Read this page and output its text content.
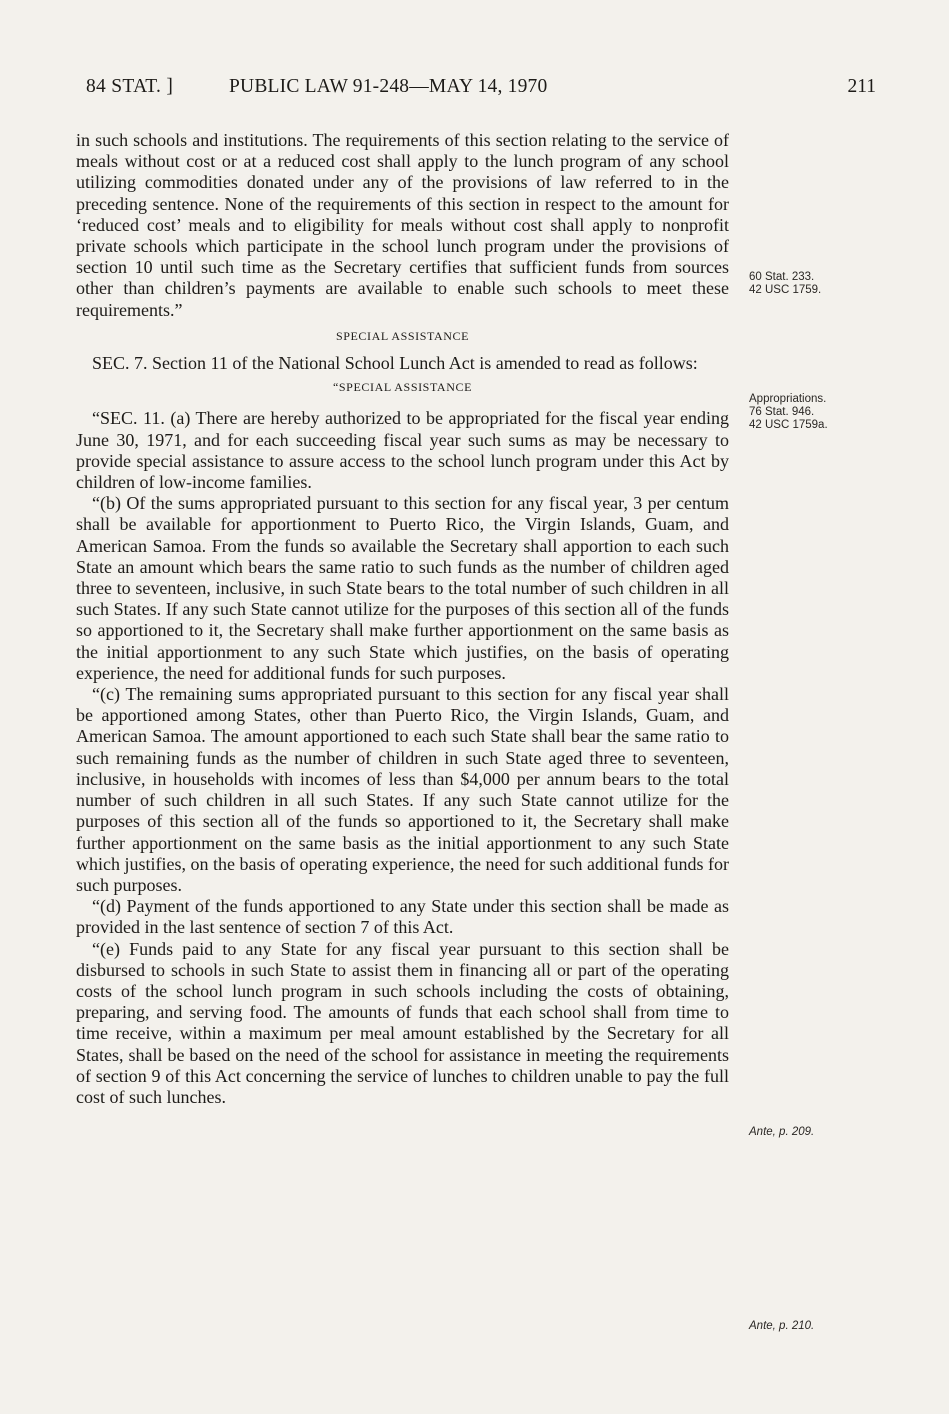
84 STAT. ]	PUBLIC LAW 91-248—MAY 14, 1970	211

in such schools and institutions. The requirements of this section relating to the service of meals without cost or at a reduced cost shall apply to the lunch program of any school utilizing commodities donated under any of the provisions of law referred to in the preceding sentence. None of the requirements of this section in respect to the amount for ‘reduced cost’ meals and to eligibility for meals without cost shall apply to nonprofit private schools which participate in the school lunch program under the provisions of section 10 until such time as the Secretary certifies that sufficient funds from sources other than children’s payments are available to enable such schools to meet these requirements.”

SPECIAL ASSISTANCE

SEC. 7. Section 11 of the National School Lunch Act is amended to read as follows:

“SPECIAL ASSISTANCE

“SEC. 11. (a) There are hereby authorized to be appropriated for the fiscal year ending June 30, 1971, and for each succeeding fiscal year such sums as may be necessary to provide special assistance to assure access to the school lunch program under this Act by children of low-income families.

“(b) Of the sums appropriated pursuant to this section for any fiscal year, 3 per centum shall be available for apportionment to Puerto Rico, the Virgin Islands, Guam, and American Samoa. From the funds so available the Secretary shall apportion to each such State an amount which bears the same ratio to such funds as the number of children aged three to seventeen, inclusive, in such State bears to the total number of such children in all such States. If any such State cannot utilize for the purposes of this section all of the funds so apportioned to it, the Secretary shall make further apportionment on the same basis as the initial apportionment to any such State which justifies, on the basis of operating experience, the need for additional funds for such purposes.

“(c) The remaining sums appropriated pursuant to this section for any fiscal year shall be apportioned among States, other than Puerto Rico, the Virgin Islands, Guam, and American Samoa. The amount apportioned to each such State shall bear the same ratio to such remaining funds as the number of children in such State aged three to seventeen, inclusive, in households with incomes of less than $4,000 per annum bears to the total number of such children in all such States. If any such State cannot utilize for the purposes of this section all of the funds so apportioned to it, the Secretary shall make further apportionment on the same basis as the initial apportionment to any such State which justifies, on the basis of operating experience, the need for such additional funds for such purposes.

“(d) Payment of the funds apportioned to any State under this section shall be made as provided in the last sentence of section 7 of this Act.

“(e) Funds paid to any State for any fiscal year pursuant to this section shall be disbursed to schools in such State to assist them in financing all or part of the operating costs of the school lunch program in such schools including the costs of obtaining, preparing, and serving food. The amounts of funds that each school shall from time to time receive, within a maximum per meal amount established by the Secretary for all States, shall be based on the need of the school for assistance in meeting the requirements of section 9 of this Act concerning the service of lunches to children unable to pay the full cost of such lunches.

60 Stat. 233.
42 USC 1759.
Appropriations.
76 Stat. 946.
42 USC 1759a.
Ante, p. 209.
Ante, p. 210.
